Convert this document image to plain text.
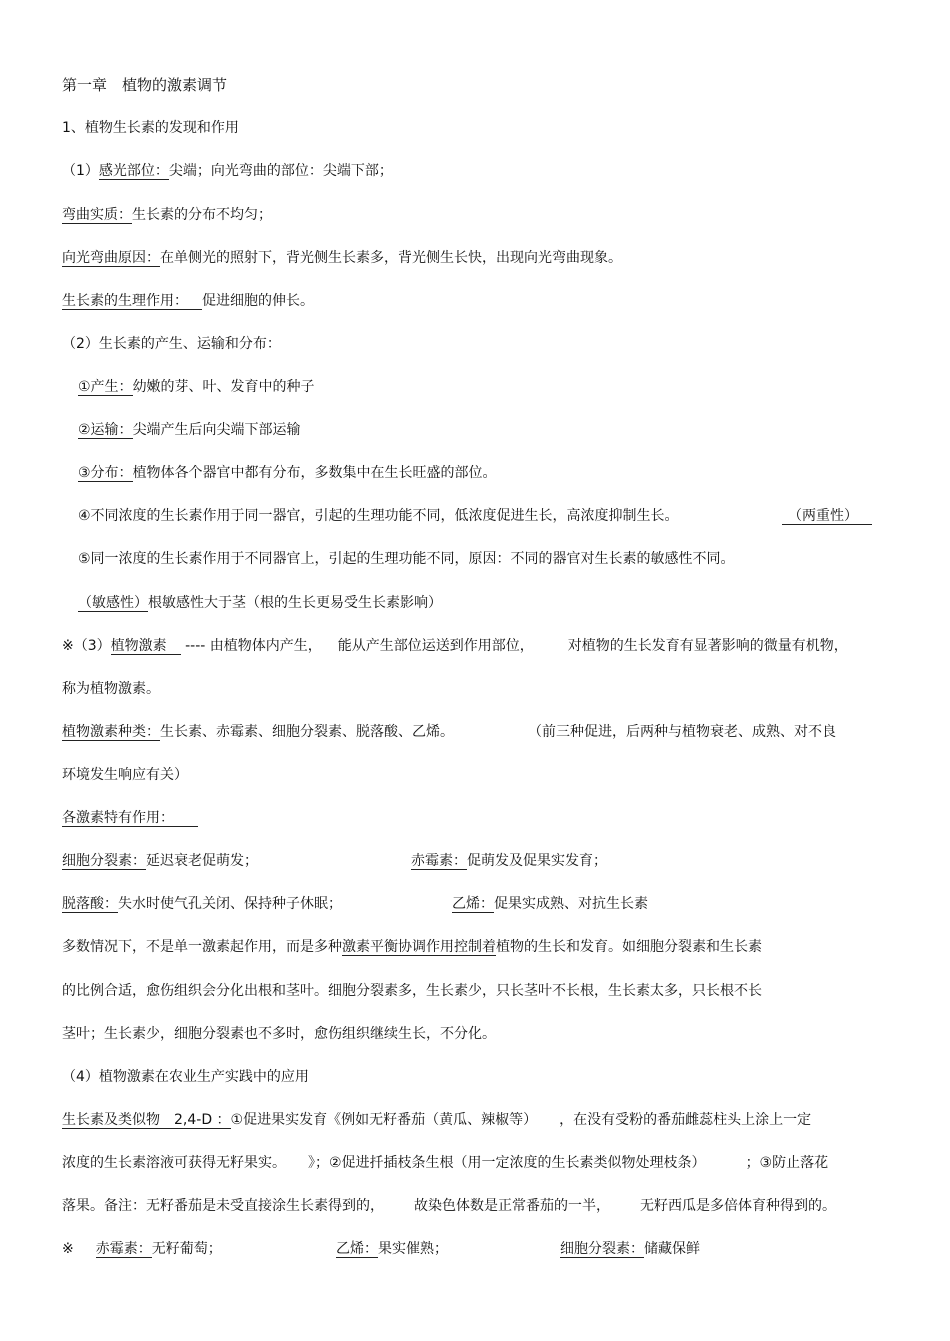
第一章　植物的激素调节
1、植物生长素的发现和作用
（1）感光部位：尖端；向光弯曲的部位：尖端下部；
弯曲实质：生长素的分布不均匀；
向光弯曲原因：在单侧光的照射下，背光侧生长素多，背光侧生长快，出现向光弯曲现象。
生长素的生理作用： 促进细胞的伸长。
（2）生长素的产生、运输和分布：
①产生：幼嫩的芽、叶、发育中的种子
②运输：尖端产生后向尖端下部运输
③分布：植物体各个器官中都有分布，多数集中在生长旺盛的部位。
④不同浓度的生长素作用于同一器官，引起的生理功能不同，低浓度促进生长，高浓度抑制生长。	（两重性）
⑤同一浓度的生长素作用于不同器官上，引起的生理功能不同，原因：不同的器官对生长素的敏感性不同。
（敏感性）根敏感性大于茎（根的生长更易受生长素影响）
※（3）植物激素 ---- 由植物体内产生， 能从产生部位运送到作用部位， 对植物的生长发育有显著影响的微量有机物，
称为植物激素。
植物激素种类：生长素、赤霉素、细胞分裂素、脱落酸、乙烯。	（前三种促进，后两种与植物衰老、成熟、对不良
环境发生响应有关）
各激素特有作用：
细胞分裂素：延迟衰老促萌发；	赤霉素：促萌发及促果实发育；
脱落酸：失水时使气孔关闭、保持种子休眠；	乙烯：促果实成熟、对抗生长素
多数情况下，不是单一激素起作用，而是多种激素平衡协调作用控制着植物的生长和发育。如细胞分裂素和生长素
的比例合适，愈伤组织会分化出根和茎叶。细胞分裂素多，生长素少，只长茎叶不长根，生长素太多，只长根不长
茎叶；生长素少，细胞分裂素也不多时，愈伤组织继续生长，不分化。
（4）植物激素在农业生产实践中的应用
生长素及类似物　2,4-D ：①促进果实发育《例如无籽番茄（黄瓜、辣椒等） ，在没有受粉的番茄雌蕊柱头上涂上一定
浓度的生长素溶液可获得无籽果实。 》；②促进扦插枝条生根（用一定浓度的生长素类似物处理枝条）	；③防止落花
落果。备注：无籽番茄是未受直接涂生长素得到的， 故染色体数是正常番茄的一半， 无籽西瓜是多倍体育种得到的。
※ 赤霉素：无籽葡萄；	乙烯：果实催熟；	细胞分裂素：储藏保鲜
